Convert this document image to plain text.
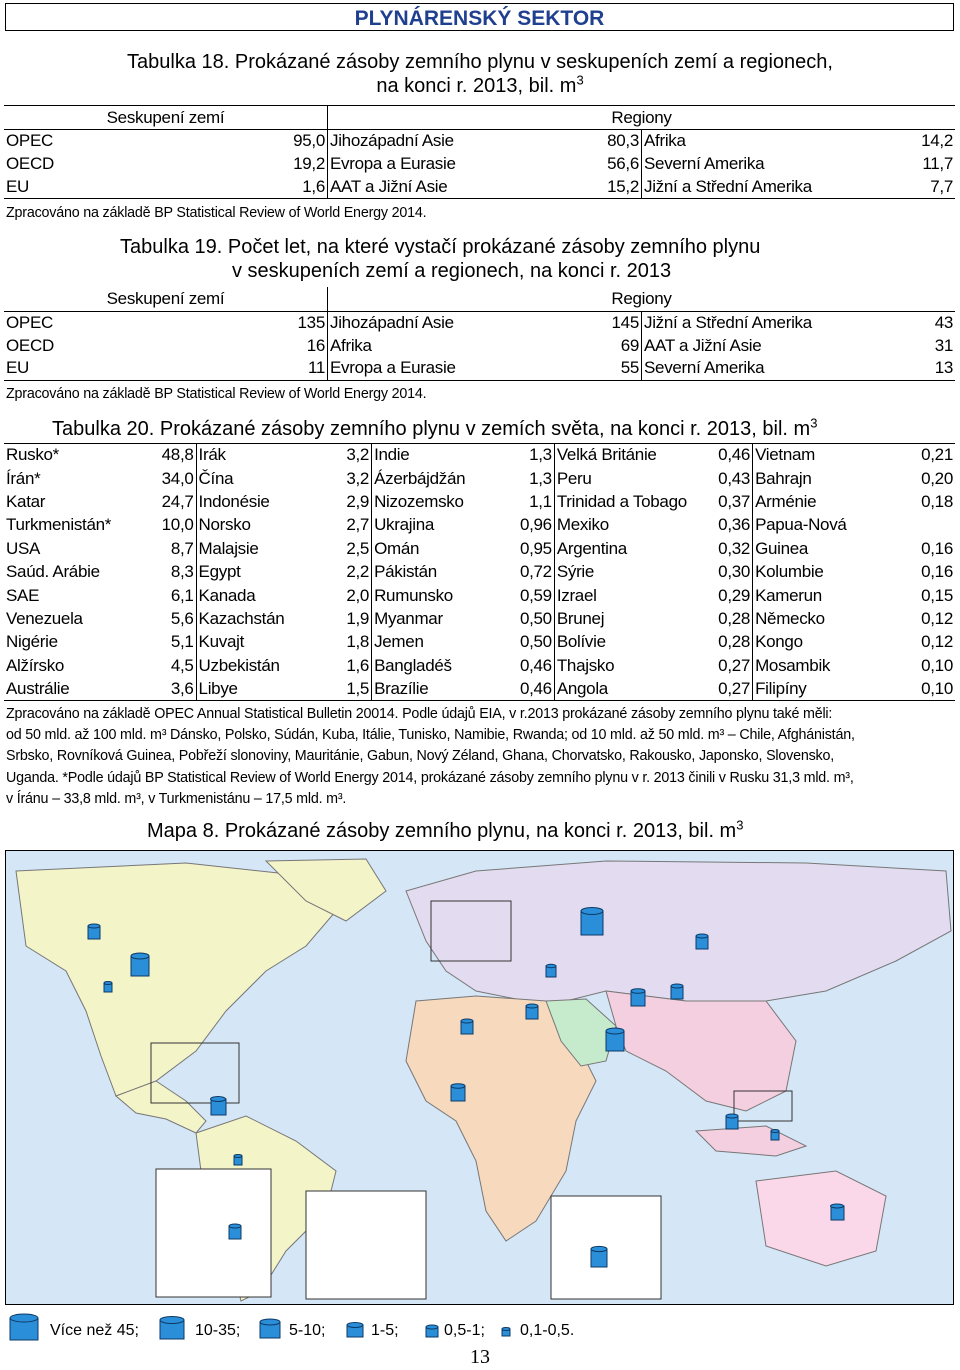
PLYNÁRENSKÝ SEKTOR
Tabulka 18. Prokázané zásoby zemního plynu v seskupeních zemí a regionech,
na konci r. 2013, bil. $m^3$
Seskupení zemí		Regiony			
OPEC	95,0	Jihozápadní Asie	80,3	Afrika	14,2
OECD	19,2	Evropa a Eurasie	56,6	Severní Amerika	11,7
EU	1,6	AAT a Jižní Asie	15,2	Jižní a Střední Amerika	7,7
Zpracováno na základě BP Statistical Review of World Energy 2014.
Tabulka 19. Počet let, na které vystačí prokázané zásoby zemního plynu
v seskupeních zemí a regionech, na konci r. 2013
Seskupení zemí		Regiony			
OPEC	135	Jihozápadní Asie	145	Jižní a Střední Amerika	43
OECD	16	Afrika	69	AAT a Jižní Asie	31
EU	11	Evropa a Eurasie	55	Severní Amerika	13
Zpracováno na základě BP Statistical Review of World Energy 2014.
Tabulka 20. Prokázané zásoby zemního plynu v zemích světa, na konci r. 2013, bil. $m^3$
Rusko*	48,8	Irák	3,2	Indie	1,3	Velká Británie	0,46	Vietnam	0,21
Írán*	34,0	Čína	3,2	Ázerbájdžán	1,3	Peru	0,43	Bahrajn	0,20
Katar	24,7	Indonésie	2,9	Nizozemsko	1,1	Trinidad a Tobago	0,37	Arménie	0,18
Turkmenistán*	10,0	Norsko	2,7	Ukrajina	0,96	Mexiko	0,36	Papua-Nová	
USA	8,7	Malajsie	2,5	Omán	0,95	Argentina	0,32	Guinea	0,16
Saúd. Arábie	8,3	Egypt	2,2	Pákistán	0,72	Sýrie	0,30	Kolumbie	0,16
SAE	6,1	Kanada	2,0	Rumunsko	0,59	Izrael	0,29	Kamerun	0,15
Venezuela	5,6	Kazachstán	1,9	Myanmar	0,50	Brunej	0,28	Německo	0,12
Nigérie	5,1	Kuvajt	1,8	Jemen	0,50	Bolívie	0,28	Kongo	0,12
Alžírsko	4,5	Uzbekistán	1,6	Bangladéš	0,46	Thajsko	0,27	Mosambik	0,10
Austrálie	3,6	Libye	1,5	Brazílie	0,46	Angola	0,27	Filipíny	0,10
Zpracováno na základě OPEC Annual Statistical Bulletin 20014. Podle údajů EIA, v r.2013 prokázané zásoby zemního plynu také měli:
od 50 mld. až 100 mld. m³ Dánsko, Polsko, Súdán, Kuba, Itálie, Tunisko, Namibie, Rwanda; od 10 mld. až 50 mld. m³ – Chile, Afghánistán,
Srbsko, Rovníková Guinea, Pobřeží slonoviny, Mauritánie, Gabun, Nový Zéland, Ghana, Chorvatsko, Rakousko, Japonsko, Slovensko,
Uganda. *Podle údajů BP Statistical Review of World Energy 2014, prokázané zásoby zemního plynu v r. 2013 činili v Rusku 31,3 mld. m³,
v Íránu – 33,8 mld. m³, v Turkmenistánu – 17,5 mld. m³.
Mapa 8. Prokázané zásoby zemního plynu, na konci r. 2013, bil. $m^3$
Více než 45;	10-35;	5-10;	1-5;	0,5-1; 0,1-0,5.
13
